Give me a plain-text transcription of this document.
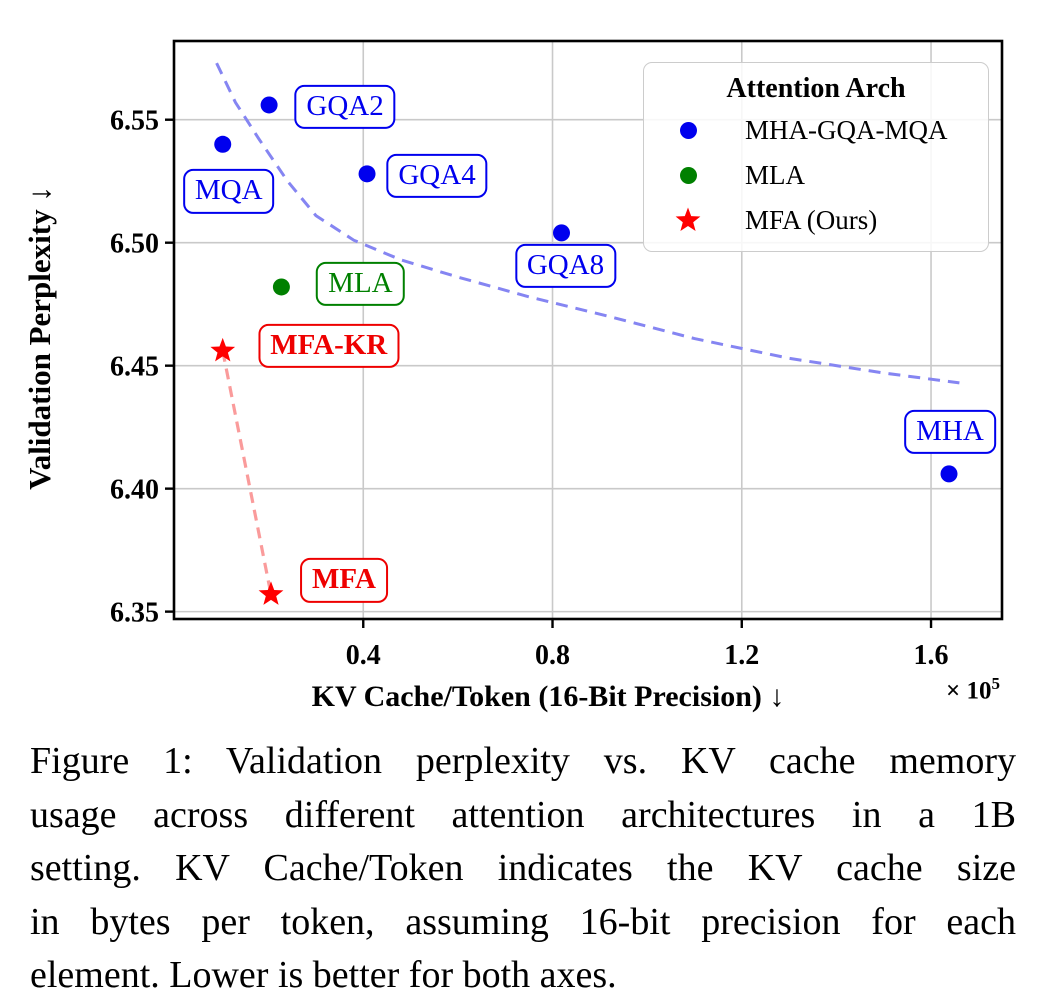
0.4	0.8	1.2	1.6
6.35
6.40
6.45
6.50
6.55
Validation Perplexity ↓
KV Cache/Token (16-Bit Precision) ↓	× $10^5$
Attention Arch
MHA-GQA-MQA
MLA
MFA (Ours)
MQA
GQA2
GQA4
GQA8
MHA
MLA
MFA-KR
MFA
Figure 1: Validation perplexity vs. KV cache memory
usage across different attention architectures in a 1B
setting. KV Cache/Token indicates the KV cache size
in bytes per token, assuming 16-bit precision for each
element. Lower is better for both axes.
